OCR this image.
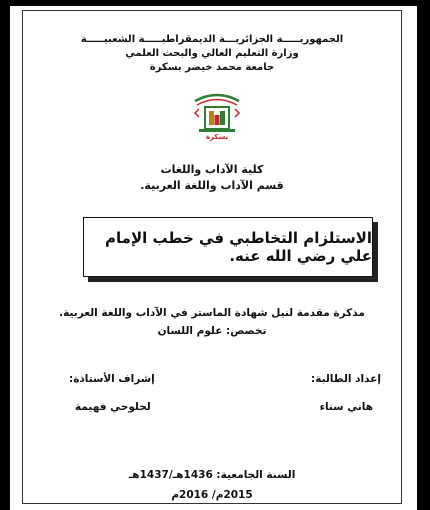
الجمهوريـــــة الجزائريـــة الديمقراطيـــــة الشعبيـــــة
وزارة التعليم العالي والبحث العلمي
جامعة محمد خيضر بسكرة
بسكرة
كلية الآداب واللغات
قسم الآداب واللغة العربية.
الاستلزام التخاطبي في خطب الإمام علي رضي الله عنه.
مذكرة مقدمة لنيل شهادة الماستر في الآداب واللغة العربية.
تخصص: علوم اللسان
إعداد الطالبة:
هاني سناء
إشراف الأستاذة:
لحلوحي فهيمة
السنة الجامعية: 1436هـ/1437هـ
2015م/ 2016م
